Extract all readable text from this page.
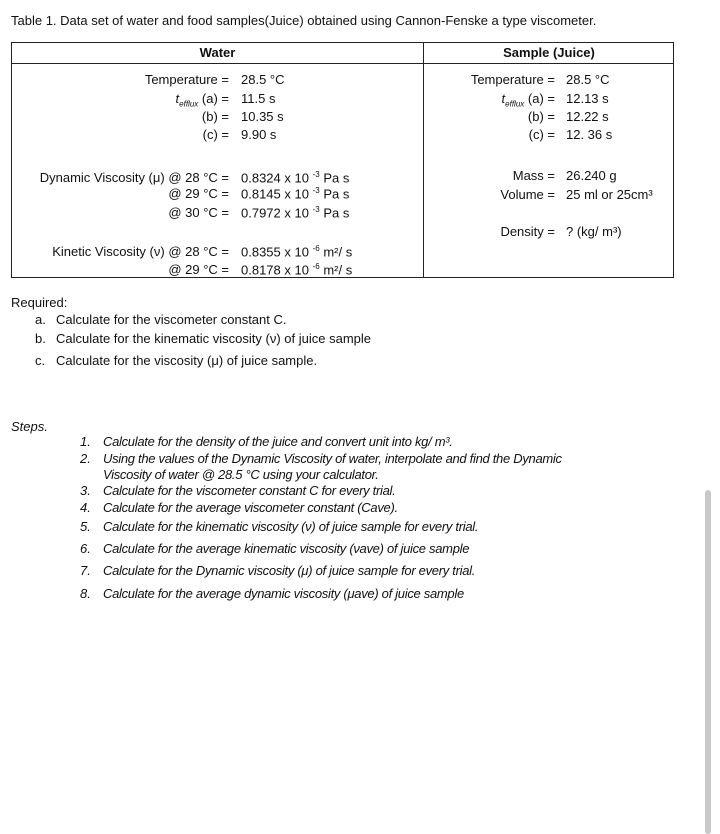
Table 1. Data set of water and food samples(Juice) obtained using Cannon-Fenske a type viscometer.
Water	Sample (Juice)
Temperature = 28.5 °C
$t_{efflux}$ (a) = 11.5 s
(b) = 10.35 s
(c) = 9.90 s
Dynamic Viscosity (μ) @ 28 °C = 0.8324 x 10 $^{-3}$ Pa s
@ 29 °C = 0.8145 x 10 $^{-3}$ Pa s
@ 30 °C = 0.7972 x 10 $^{-3}$ Pa s
Kinetic Viscosity (ν) @ 28 °C = 0.8355 x 10 $^{-6}$ m²/ s
@ 29 °C = 0.8178 x 10 $^{-6}$ m²/ s
Temperature = 28.5 °C
$t_{efflux}$ (a) = 12.13 s
(b) = 12.22 s
(c) = 12. 36 s
Mass = 26.240 g
Volume = 25 ml or 25cm³
Density = ? (kg/ m³)
Required:
a. Calculate for the viscometer constant C.
b. Calculate for the kinematic viscosity (ν) of juice sample
c. Calculate for the viscosity (μ) of juice sample.
Steps.
1. Calculate for the density of the juice and convert unit into kg/ m³.
2. Using the values of the Dynamic Viscosity of water, interpolate and find the Dynamic
Viscosity of water @ 28.5 °C using your calculator.
3. Calculate for the viscometer constant C for every trial.
4. Calculate for the average viscometer constant (Cave).
5. Calculate for the kinematic viscosity (ν) of juice sample for every trial.
6. Calculate for the average kinematic viscosity (νave) of juice sample
7. Calculate for the Dynamic viscosity (μ) of juice sample for every trial.
8. Calculate for the average dynamic viscosity (μave) of juice sample
